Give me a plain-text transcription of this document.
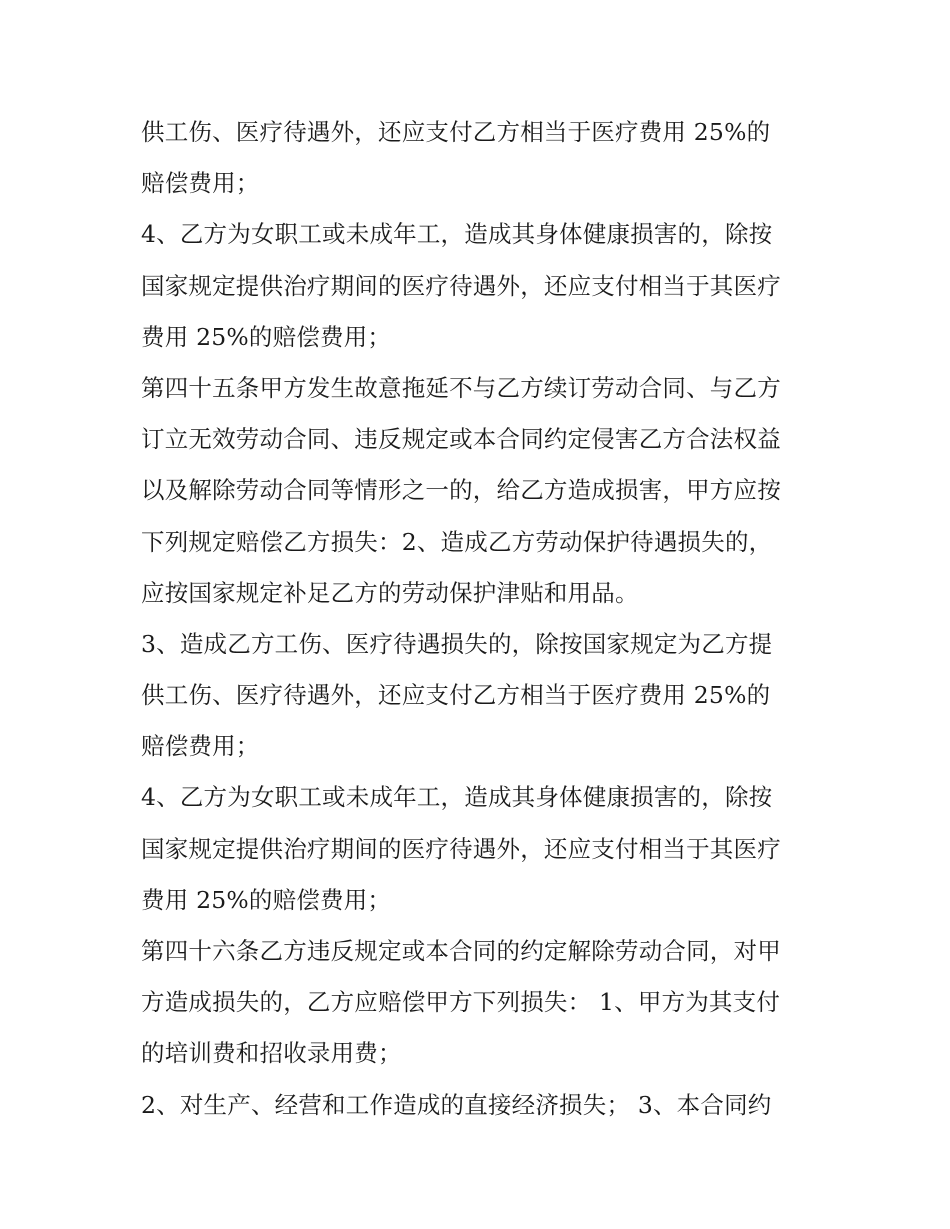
供工伤、医疗待遇外，还应支付乙方相当于医疗费用 25%的
赔偿费用；
4、乙方为女职工或未成年工，造成其身体健康损害的，除按
国家规定提供治疗期间的医疗待遇外，还应支付相当于其医疗
费用 25%的赔偿费用；
第四十五条甲方发生故意拖延不与乙方续订劳动合同、与乙方
订立无效劳动合同、违反规定或本合同约定侵害乙方合法权益
以及解除劳动合同等情形之一的，给乙方造成损害，甲方应按
下列规定赔偿乙方损失：2、造成乙方劳动保护待遇损失的，
应按国家规定补足乙方的劳动保护津贴和用品。
3、造成乙方工伤、医疗待遇损失的，除按国家规定为乙方提
供工伤、医疗待遇外，还应支付乙方相当于医疗费用 25%的
赔偿费用；
4、乙方为女职工或未成年工，造成其身体健康损害的，除按
国家规定提供治疗期间的医疗待遇外，还应支付相当于其医疗
费用 25%的赔偿费用；
第四十六条乙方违反规定或本合同的约定解除劳动合同，对甲
方造成损失的，乙方应赔偿甲方下列损失： 1、甲方为其支付
的培训费和招收录用费；
2、对生产、经营和工作造成的直接经济损失； 3、本合同约
